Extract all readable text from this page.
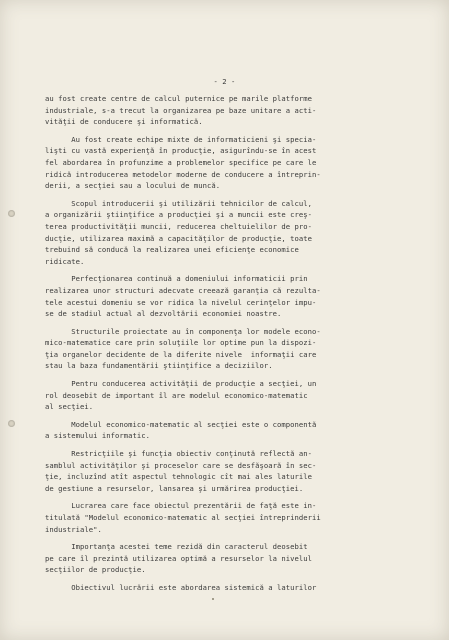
- 2 -
au fost create centre de calcul puternice pe marile platforme
industriale, s-a trecut la organizarea pe baze unitare a acti-
vităţii de conducere şi informatică.
Au fost create echipe mixte de informaticieni şi specia-
lişti cu vastă experienţă în producţie, asigurîndu-se în acest
fel abordarea în profunzime a problemelor specifice pe care le
ridică introducerea metodelor moderne de conducere a întreprin-
derii, a secţiei sau a locului de muncă.
Scopul introducerii şi utilizării tehnicilor de calcul,
a organizării ştiinţifice a producţiei şi a muncii este creş-
terea productivităţii muncii, reducerea cheltuielilor de pro-
ducţie, utilizarea maximă a capacităţilor de producţie, toate
trebuind să conducă la realizarea unei eficienţe economice
ridicate.
Perfecţionarea continuă a domeniului informaticii prin
realizarea unor structuri adecvate creează garanţia că rezulta-
tele acestui domeniu se vor ridica la nivelul cerinţelor impu-
se de stadiul actual al dezvoltării economiei noastre.
Structurile proiectate au în componenţa lor modele econo-
mico-matematice care prin soluţiile lor optime pun la dispozi-
ţia organelor decidente de la diferite nivele  informaţii care
stau la baza fundamentării ştiinţifice a deciziilor.
Pentru conducerea activităţii de producţie a secţiei, un
rol deosebit de important îl are modelul economico-matematic
al secţiei.
Modelul economico-matematic al secţiei este o componentă
a sistemului informatic.
Restricţiile şi funcţia obiectiv conţinută reflectă an-
samblul activităţilor şi proceselor care se desfăşoară în sec-
ţie, incluzînd atît aspectul tehnologic cît mai ales laturile
de gestiune a resurselor, lansarea şi urmărirea producţiei.
Lucrarea care face obiectul prezentării de faţă este in-
titulată "Modelul economico-matematic al secţiei întreprinderii
industriale".
Importanţa acestei teme rezidă din caracterul deosebit
pe care îl prezintă utilizarea optimă a resurselor la nivelul
secţiilor de producţie.
Obiectivul lucrării este abordarea sistemică a laturilor
